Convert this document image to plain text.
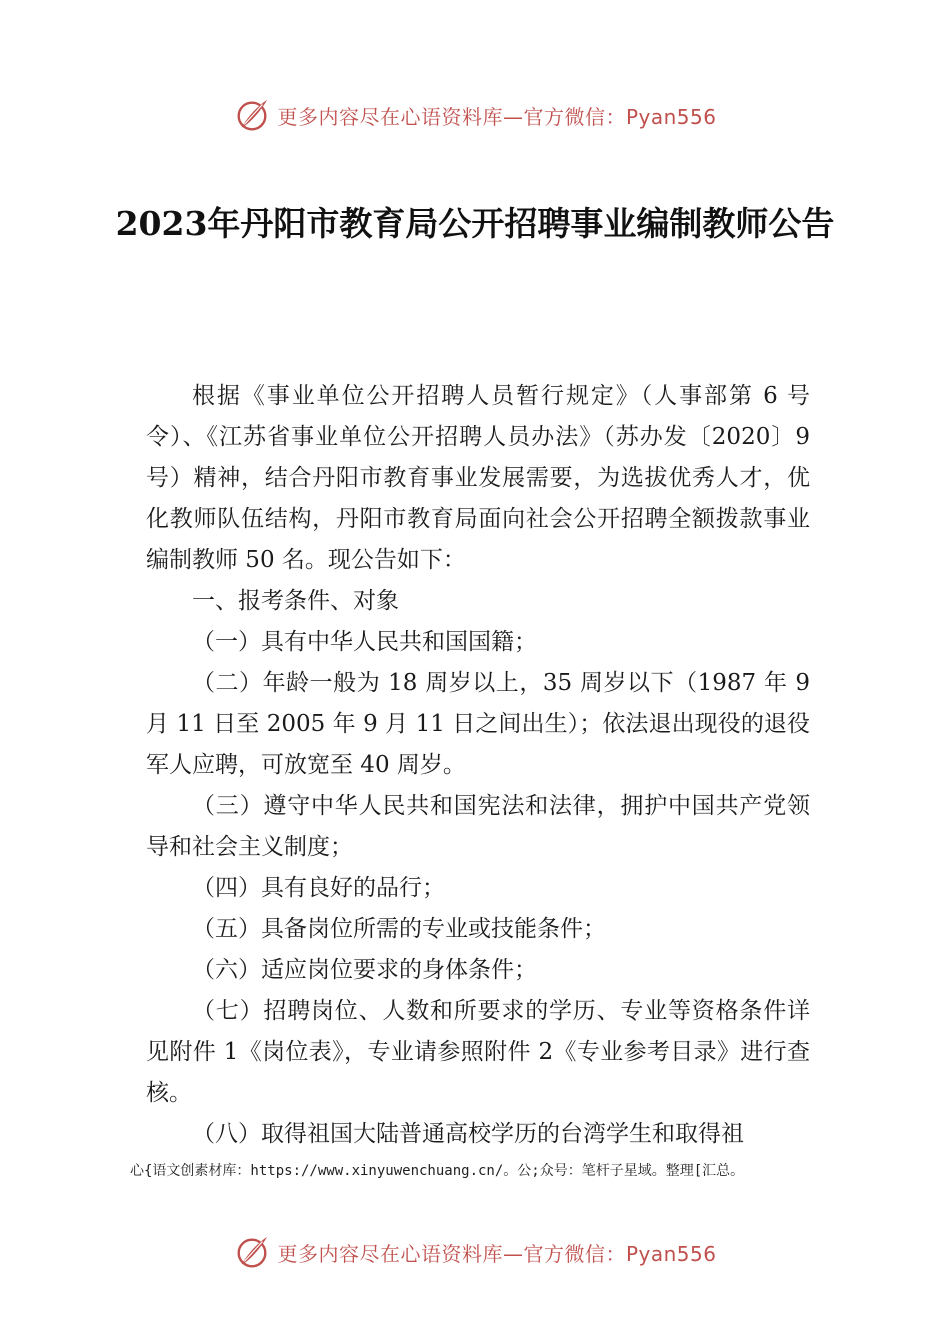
更多内容尽在心语资料库—官方微信：Pyan556
2023年丹阳市教育局公开招聘事业编制教师公告

根据《事业单位公开招聘人员暂行规定》（人事部第 6 号令）、《江苏省事业单位公开招聘人员办法》（苏办发〔2020〕9 号）精神，结合丹阳市教育事业发展需要，为选拔优秀人才，优化教师队伍结构，丹阳市教育局面向社会公开招聘全额拨款事业编制教师 50 名。现公告如下：

一、报考条件、对象

（一）具有中华人民共和国国籍；

（二）年龄一般为 18 周岁以上，35 周岁以下（1987 年 9 月 11 日至 2005 年 9 月 11 日之间出生）；依法退出现役的退役军人应聘，可放宽至 40 周岁。

（三）遵守中华人民共和国宪法和法律，拥护中国共产党领导和社会主义制度；

（四）具有良好的品行；

（五）具备岗位所需的专业或技能条件；

（六）适应岗位要求的身体条件；

（七）招聘岗位、人数和所要求的学历、专业等资格条件详见附件 1《岗位表》，专业请参照附件 2《专业参考目录》进行查核。

（八）取得祖国大陆普通高校学历的台湾学生和取得祖

心{语文创素材库：https://www.xinyuwenchuang.cn/。公;众号：笔杆子星域。整理[汇总。
更多内容尽在心语资料库—官方微信：Pyan556
